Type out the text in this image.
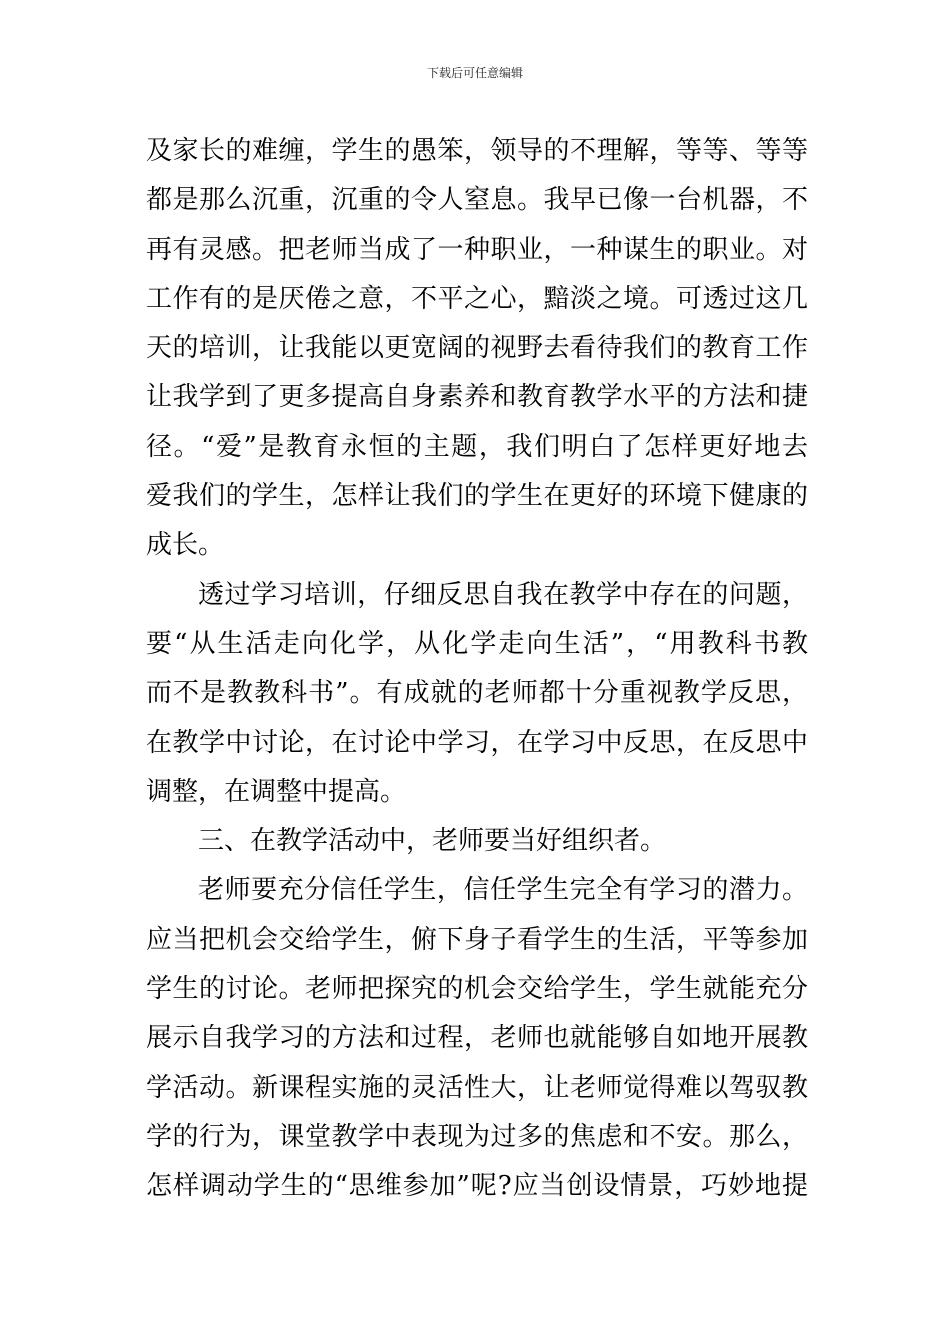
下载后可任意编辑
及家长的难缠，学生的愚笨，领导的不理解，等等、等等
都是那么沉重，沉重的令人窒息。我早已像一台机器，不
再有灵感。把老师当成了一种职业，一种谋生的职业。对
工作有的是厌倦之意，不平之心，黯淡之境。可透过这几
天的培训，让我能以更宽阔的视野去看待我们的教育工作
让我学到了更多提高自身素养和教育教学水平的方法和捷
径。“爱”是教育永恒的主题，我们明白了怎样更好地去
爱我们的学生，怎样让我们的学生在更好的环境下健康的
成长。
透过学习培训，仔细反思自我在教学中存在的问题，
要“从生活走向化学，从化学走向生活”，“用教科书教
而不是教教科书”。有成就的老师都十分重视教学反思，
在教学中讨论，在讨论中学习，在学习中反思，在反思中
调整，在调整中提高。
三、在教学活动中，老师要当好组织者。
老师要充分信任学生，信任学生完全有学习的潜力。
应当把机会交给学生，俯下身子看学生的生活，平等参加
学生的讨论。老师把探究的机会交给学生，学生就能充分
展示自我学习的方法和过程，老师也就能够自如地开展教
学活动。新课程实施的灵活性大，让老师觉得难以驾驭教
学的行为，课堂教学中表现为过多的焦虑和不安。那么，
怎样调动学生的“思维参加”呢?应当创设情景，巧妙地提
